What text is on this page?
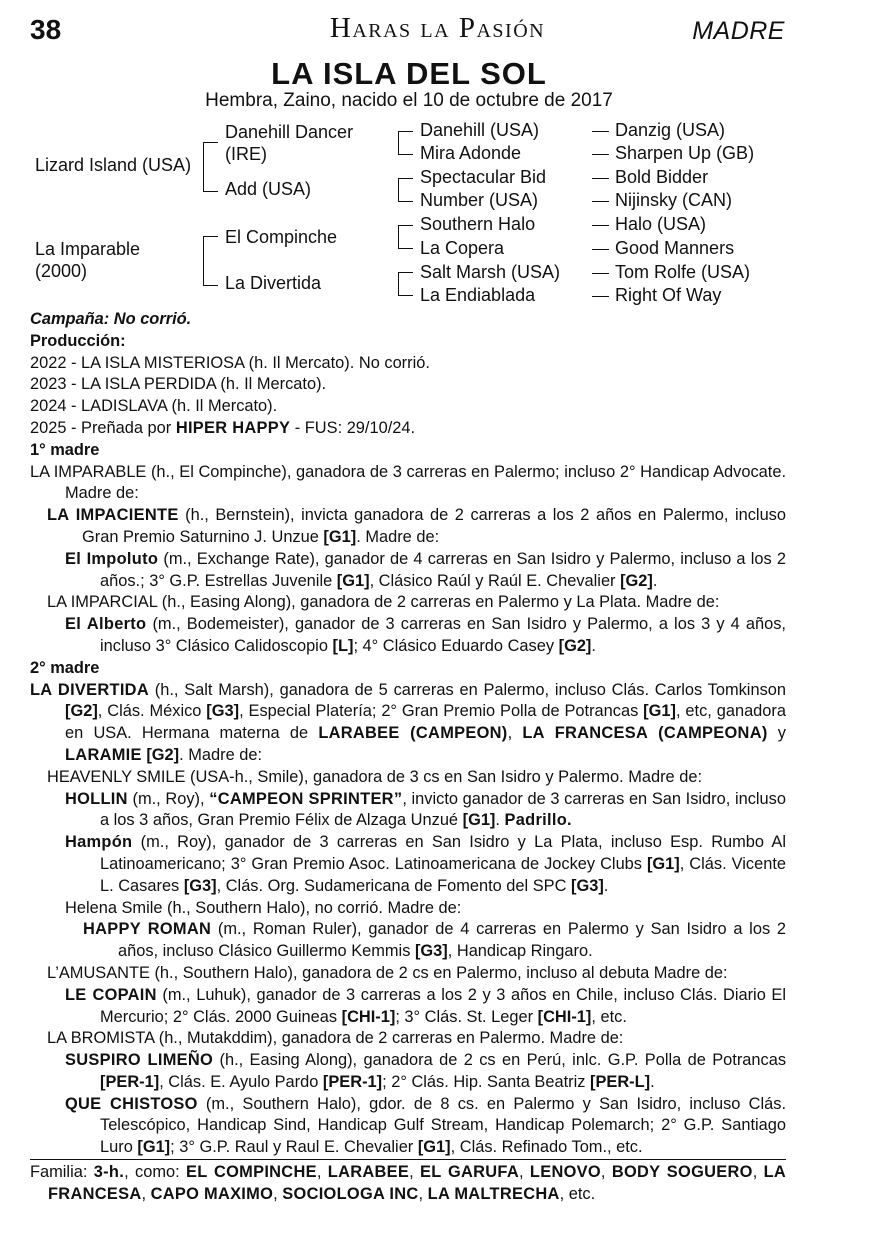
38	Haras la Pasión	MADRE
LA ISLA DEL SOL
Hembra, Zaino, nacido el 10 de octubre de 2017
Lizard Island (USA)
La Imparable
(2000)
Danehill Dancer
(IRE)
Add (USA)
El Compinche
La Divertida
Danehill (USA)
Mira Adonde
Spectacular Bid
Number (USA)
Southern Halo
La Copera
Salt Marsh (USA)
La Endiablada
Danzig (USA)
Sharpen Up (GB)
Bold Bidder
Nijinsky (CAN)
Halo (USA)
Good Manners
Tom Rolfe (USA)
Right Of Way

Campaña: No corrió.

Producción:

2022 - LA ISLA MISTERIOSA (h. Il Mercato). No corrió.

2023 - LA ISLA PERDIDA (h. Il Mercato).

2024 - LADISLAVA (h. Il Mercato).

2025 - Preñada por HIPER HAPPY - FUS: 29/10/24.

1° madre

LA IMPARABLE (h., El Compinche), ganadora de 3 carreras en Palermo; incluso 2° Handicap Advocate. Madre de:

LA IMPACIENTE (h., Bernstein), invicta ganadora de 2 carreras a los 2 años en Palermo, incluso Gran Premio Saturnino J. Unzue [G1]. Madre de:

El Impoluto (m., Exchange Rate), ganador de 4 carreras en San Isidro y Palermo, incluso a los 2 años.; 3° G.P. Estrellas Juvenile [G1], Clásico Raúl y Raúl E. Chevalier [G2].

LA IMPARCIAL (h., Easing Along), ganadora de 2 carreras en Palermo y La Plata. Madre de:

El Alberto (m., Bodemeister), ganador de 3 carreras en San Isidro y Palermo, a los 3 y 4 años, incluso 3° Clásico Calidoscopio [L]; 4° Clásico Eduardo Casey [G2].

2° madre

LA DIVERTIDA (h., Salt Marsh), ganadora de 5 carreras en Palermo, incluso Clás. Carlos Tomkinson [G2], Clás. México [G3], Especial Platería; 2° Gran Premio Polla de Potrancas [G1], etc, ganadora en USA. Hermana materna de LARABEE (CAMPEON), LA FRANCESA (CAMPEONA) y LARAMIE [G2]. Madre de:

HEAVENLY SMILE (USA-h., Smile), ganadora de 3 cs en San Isidro y Palermo. Madre de:

HOLLIN (m., Roy), “CAMPEON SPRINTER”, invicto ganador de 3 carreras en San Isidro, incluso a los 3 años, Gran Premio Félix de Alzaga Unzué [G1]. Padrillo.

Hampón (m., Roy), ganador de 3 carreras en San Isidro y La Plata, incluso Esp. Rumbo Al Latinoamericano; 3° Gran Premio Asoc. Latinoamericana de Jockey Clubs [G1], Clás. Vicente L. Casares [G3], Clás. Org. Sudamericana de Fomento del SPC [G3].

Helena Smile (h., Southern Halo), no corrió. Madre de:

HAPPY ROMAN (m., Roman Ruler), ganador de 4 carreras en Palermo y San Isidro a los 2 años, incluso Clásico Guillermo Kemmis [G3], Handicap Ringaro.

L’AMUSANTE (h., Southern Halo), ganadora de 2 cs en Palermo, incluso al debuta Madre de:

LE COPAIN (m., Luhuk), ganador de 3 carreras a los 2 y 3 años en Chile, incluso Clás. Diario El Mercurio; 2° Clás. 2000 Guineas [CHI-1]; 3° Clás. St. Leger [CHI-1], etc.

LA BROMISTA (h., Mutakddim), ganadora de 2 carreras en Palermo. Madre de:

SUSPIRO LIMEÑO (h., Easing Along), ganadora de 2 cs en Perú, inlc. G.P. Polla de Potrancas [PER-1], Clás. E. Ayulo Pardo [PER-1]; 2° Clás. Hip. Santa Beatriz [PER-L].

QUE CHISTOSO (m., Southern Halo), gdor. de 8 cs. en Palermo y San Isidro, incluso Clás. Telescópico, Handicap Sind, Handicap Gulf Stream, Handicap Polemarch; 2° G.P. Santiago Luro [G1]; 3° G.P. Raul y Raul E. Chevalier [G1], Clás. Refinado Tom., etc.

Familia: 3-h., como: EL COMPINCHE, LARABEE, EL GARUFA, LENOVO, BODY SOGUERO, LA FRANCESA, CAPO MAXIMO, SOCIOLOGA INC, LA MALTRECHA, etc.
